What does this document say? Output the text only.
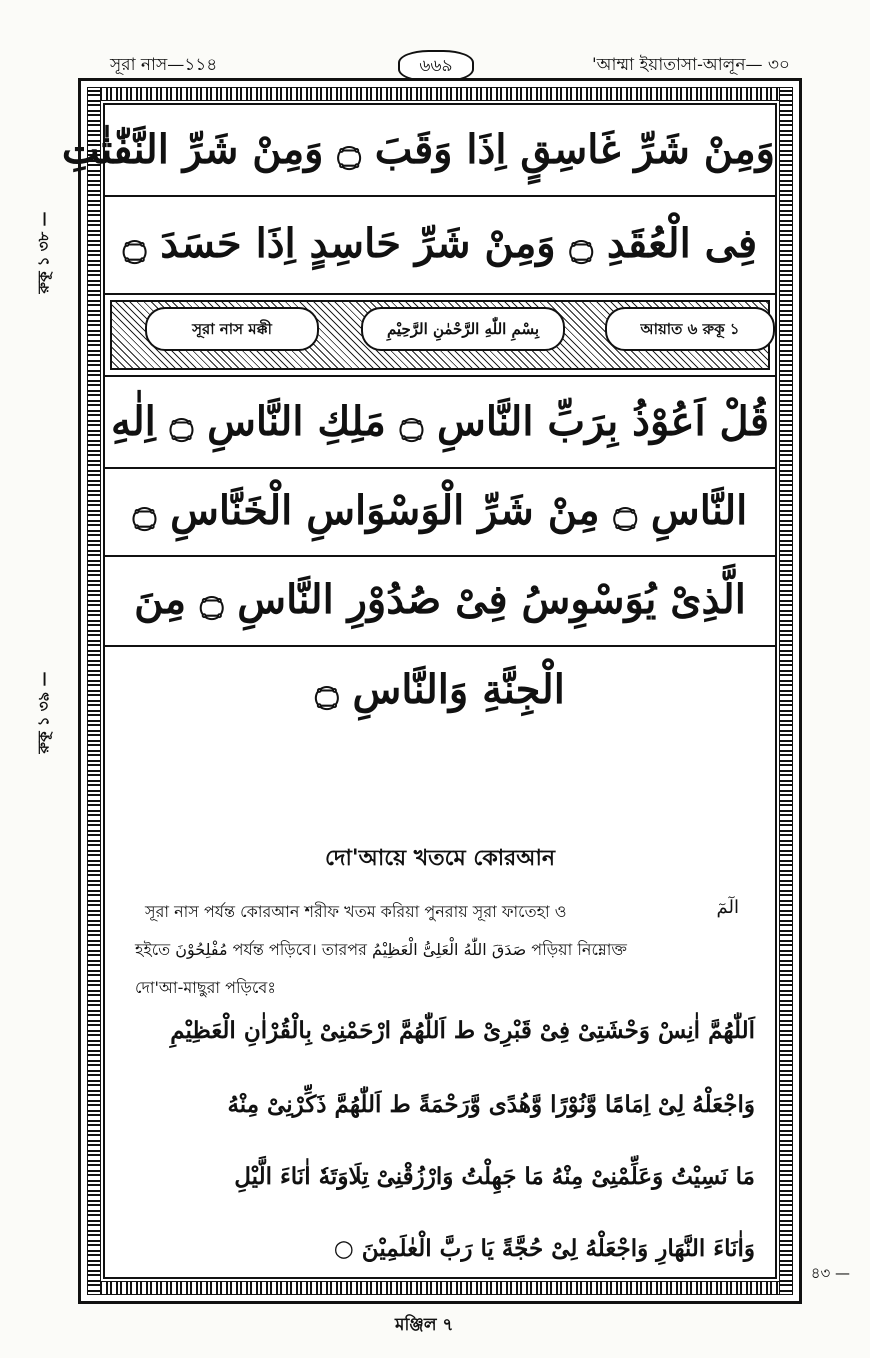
সূরা নাস—১১৪	৬৬৯	'আম্মা ইয়াতাসা-আলূন— ৩০
রুকূ ১ ৩৮ —
রুকূ ১ ৩৯ —
وَمِنْ شَرِّ غَاسِقٍ اِذَا وَقَبَ ۝ وَمِنْ شَرِّ النَّفّٰثٰتِ
فِى الْعُقَدِ ۝ وَمِنْ شَرِّ حَاسِدٍ اِذَا حَسَدَ ۝
সূরা নাস মক্কী	بِسْمِ اللّٰهِ الرَّحْمٰنِ الرَّحِيْمِ	আয়াত ৬ রুকূ ১
قُلْ اَعُوْذُ بِرَبِّ النَّاسِ ۝ مَلِكِ النَّاسِ ۝ اِلٰهِ
النَّاسِ ۝ مِنْ شَرِّ الْوَسْوَاسِ الْخَنَّاسِ ۝
الَّذِىْ يُوَسْوِسُ فِىْ صُدُوْرِ النَّاسِ ۝ مِنَ
الْجِنَّةِ وَالنَّاسِ ۝
দো'আয়ে খতমে কোরআন
الٓمٓ
সূরা নাস পর্যন্ত কোরআন শরীফ খতম করিয়া পুনরায় সূরা ফাতেহা ও
হইতে مُفْلِحُوْنَ পর্যন্ত পড়িবে। তারপর صَدَقَ اللّٰهُ الْعَلِىُّ الْعَظِيْمُ পড়িয়া নিম্নোক্ত
দো'আ-মাছুরা পড়িবেঃ
اَللّٰهُمَّ اٰنِسْ وَحْشَتِىْ فِىْ قَبْرِىْ ط اَللّٰهُمَّ ارْحَمْنِىْ بِالْقُرْاٰنِ الْعَظِيْمِ
وَاجْعَلْهُ لِىْ اِمَامًا وَّنُوْرًا وَّهُدًى وَّرَحْمَةً ط اَللّٰهُمَّ ذَكِّرْنِىْ مِنْهُ
مَا نَسِيْتُ وَعَلِّمْنِىْ مِنْهُ مَا جَهِلْتُ وَارْزُقْنِىْ تِلَاوَتَهٗ اٰنَاءَ الَّيْلِ
وَاٰنَاءَ النَّهَارِ وَاجْعَلْهُ لِىْ حُجَّةً يَا رَبَّ الْعٰلَمِيْنَ ○
৪৩ —
মঞ্জিল ৭
